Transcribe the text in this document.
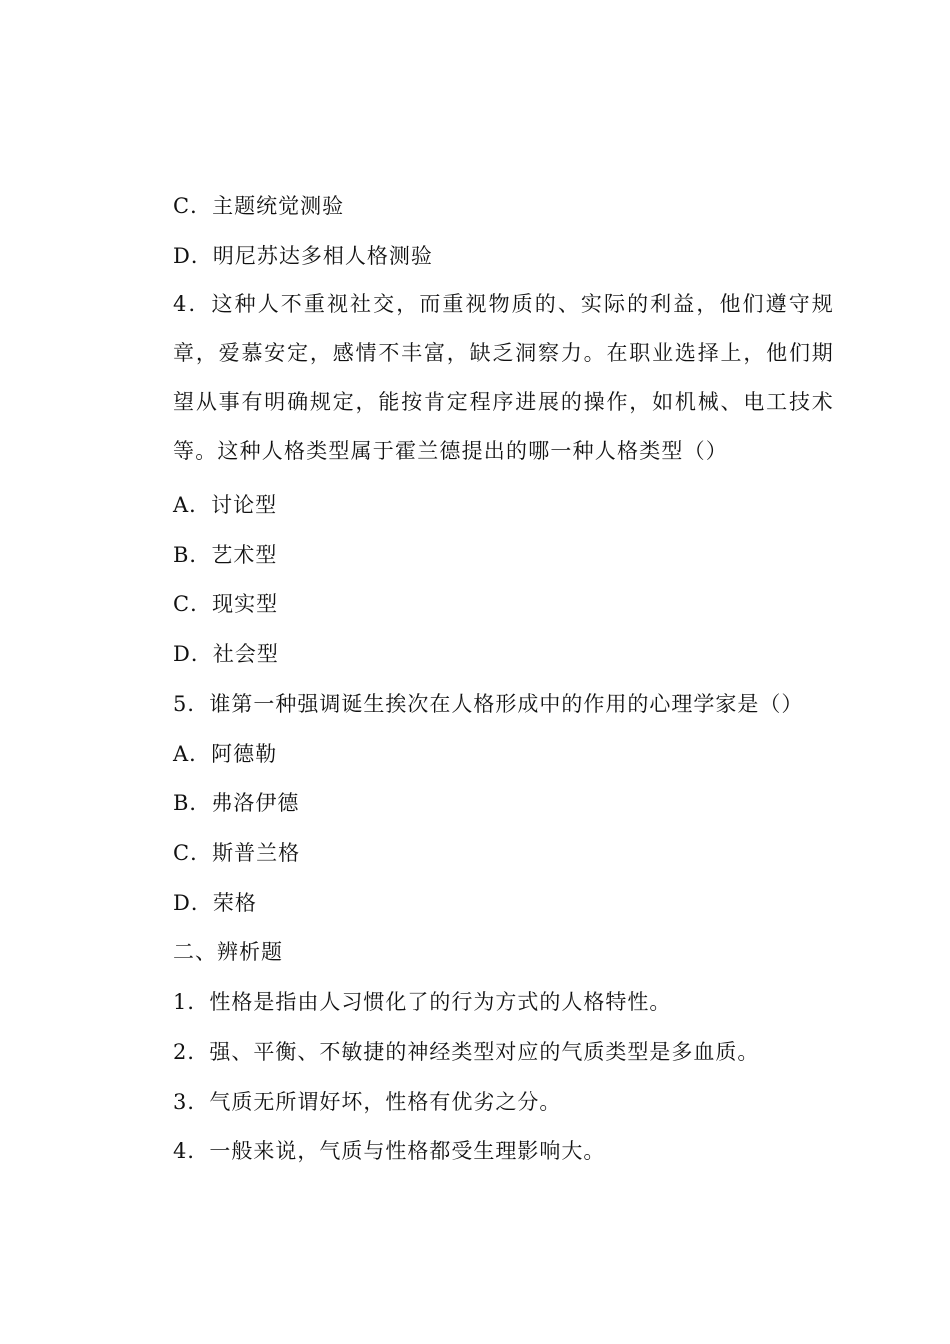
C．主题统觉测验
D．明尼苏达多相人格测验
4．这种人不重视社交，而重视物质的、实际的利益，他们遵守规章，爱慕安定，感情不丰富，缺乏洞察力。在职业选择上，他们期望从事有明确规定，能按肯定程序进展的操作，如机械、电工技术等。这种人格类型属于霍兰德提出的哪一种人格类型（）
A．讨论型
B．艺术型
C．现实型
D．社会型
5．谁第一种强调诞生挨次在人格形成中的作用的心理学家是（）
A．阿德勒
B．弗洛伊德
C．斯普兰格
D．荣格
二、辨析题
1．性格是指由人习惯化了的行为方式的人格特性。
2．强、平衡、不敏捷的神经类型对应的气质类型是多血质。
3．气质无所谓好坏，性格有优劣之分。
4．一般来说，气质与性格都受生理影响大。
